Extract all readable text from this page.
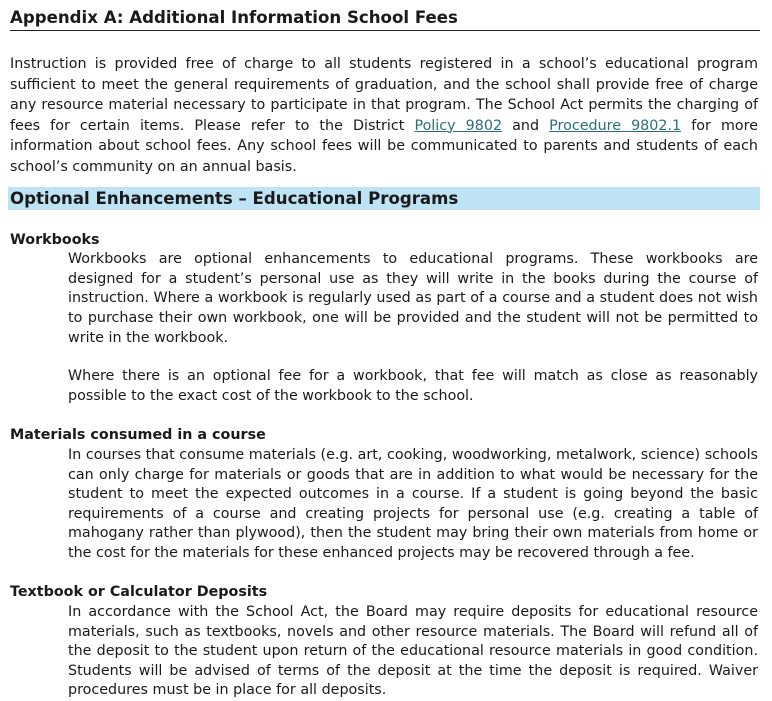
Appendix A: Additional Information School Fees
Instruction is provided free of charge to all students registered in a school’s educational program sufficient to meet the general requirements of graduation, and the school shall provide free of charge any resource material necessary to participate in that program. The School Act permits the charging of fees for certain items. Please refer to the District Policy 9802 and Procedure 9802.1 for more information about school fees. Any school fees will be communicated to parents and students of each school’s community on an annual basis.
Optional Enhancements – Educational Programs
Workbooks
Workbooks are optional enhancements to educational programs. These workbooks are designed for a student’s personal use as they will write in the books during the course of instruction. Where a workbook is regularly used as part of a course and a student does not wish to purchase their own workbook, one will be provided and the student will not be permitted to write in the workbook.
Where there is an optional fee for a workbook, that fee will match as close as reasonably possible to the exact cost of the workbook to the school.
Materials consumed in a course
In courses that consume materials (e.g. art, cooking, woodworking, metalwork, science) schools can only charge for materials or goods that are in addition to what would be necessary for the student to meet the expected outcomes in a course. If a student is going beyond the basic requirements of a course and creating projects for personal use (e.g. creating a table of mahogany rather than plywood), then the student may bring their own materials from home or the cost for the materials for these enhanced projects may be recovered through a fee.
Textbook or Calculator Deposits
In accordance with the School Act, the Board may require deposits for educational resource materials, such as textbooks, novels and other resource materials. The Board will refund all of the deposit to the student upon return of the educational resource materials in good condition. Students will be advised of terms of the deposit at the time the deposit is required. Waiver procedures must be in place for all deposits.
